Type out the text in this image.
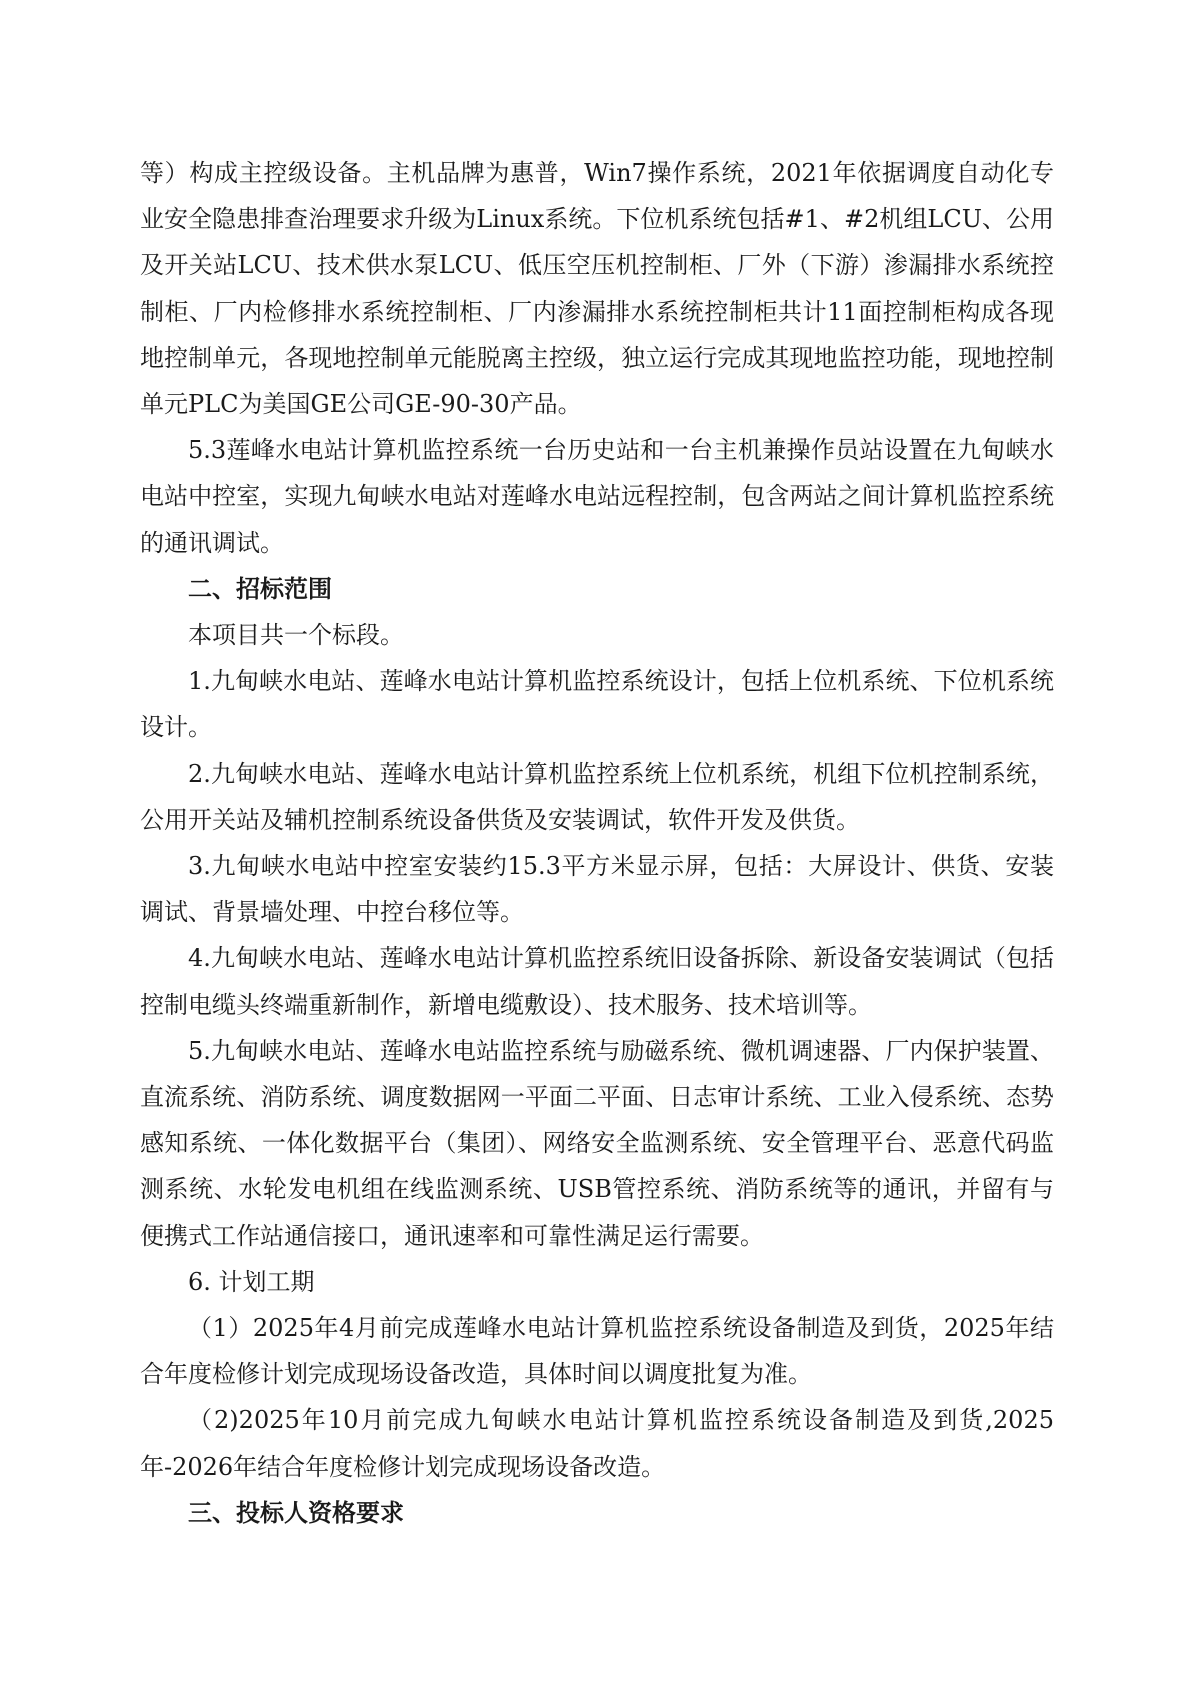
等）构成主控级设备。主机品牌为惠普，Win7操作系统，2021年依据调度自动化专业安全隐患排查治理要求升级为Linux系统。下位机系统包括#1、#2机组LCU、公用及开关站LCU、技术供水泵LCU、低压空压机控制柜、厂外（下游）渗漏排水系统控制柜、厂内检修排水系统控制柜、厂内渗漏排水系统控制柜共计11面控制柜构成各现地控制单元，各现地控制单元能脱离主控级，独立运行完成其现地监控功能，现地控制单元PLC为美国GE公司GE-90-30产品。

5.3莲峰水电站计算机监控系统一台历史站和一台主机兼操作员站设置在九甸峡水电站中控室，实现九甸峡水电站对莲峰水电站远程控制，包含两站之间计算机监控系统的通讯调试。

二、招标范围

本项目共一个标段。

1.九甸峡水电站、莲峰水电站计算机监控系统设计，包括上位机系统、下位机系统设计。

2.九甸峡水电站、莲峰水电站计算机监控系统上位机系统，机组下位机控制系统，公用开关站及辅机控制系统设备供货及安装调试，软件开发及供货。

3.九甸峡水电站中控室安装约15.3平方米显示屏，包括：大屏设计、供货、安装调试、背景墙处理、中控台移位等。

4.九甸峡水电站、莲峰水电站计算机监控系统旧设备拆除、新设备安装调试（包括控制电缆头终端重新制作，新增电缆敷设）、技术服务、技术培训等。

5.九甸峡水电站、莲峰水电站监控系统与励磁系统、微机调速器、厂内保护装置、直流系统、消防系统、调度数据网一平面二平面、日志审计系统、工业入侵系统、态势感知系统、一体化数据平台（集团）、网络安全监测系统、安全管理平台、恶意代码监测系统、水轮发电机组在线监测系统、USB管控系统、消防系统等的通讯，并留有与便携式工作站通信接口，通讯速率和可靠性满足运行需要。

6. 计划工期

（1）2025年4月前完成莲峰水电站计算机监控系统设备制造及到货，2025年结合年度检修计划完成现场设备改造，具体时间以调度批复为准。

（2)2025年10月前完成九甸峡水电站计算机监控系统设备制造及到货,2025年-2026年结合年度检修计划完成现场设备改造。

三、投标人资格要求
